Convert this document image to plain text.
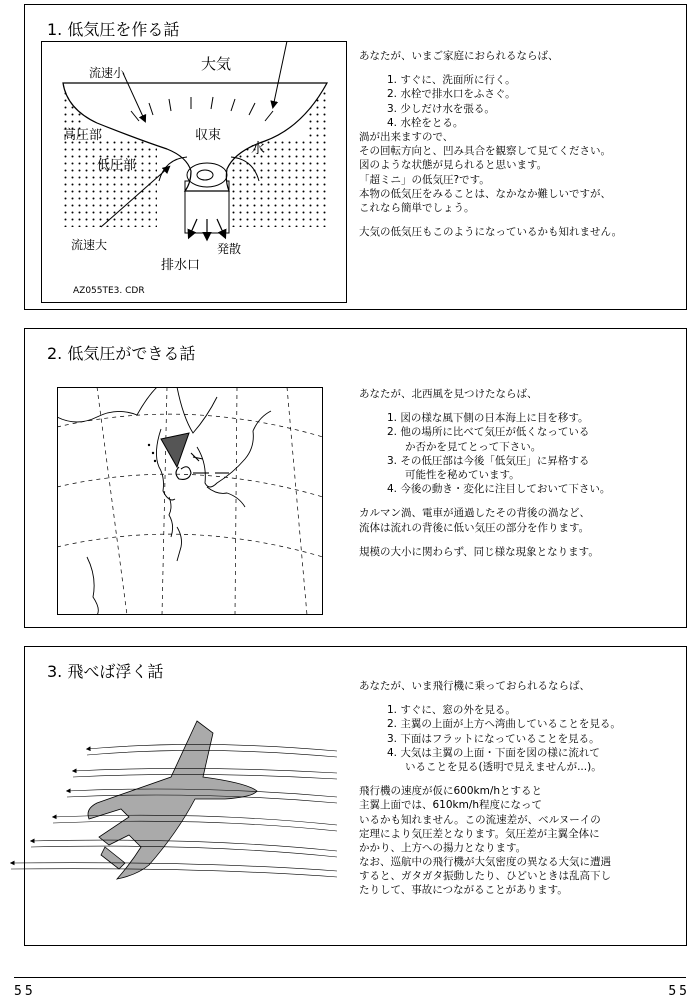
1. 低気圧を作る話
大気
流速小
高圧部	収束
水
低圧部
流速大	発散
排水口
AZ055TE3. CDR
あなたが、いまご家庭におられるならば、
1. すぐに、洗面所に行く。
2. 水栓で排水口をふさぐ。
3. 少しだけ水を張る。
4. 水栓をとる。
渦が出来ますので、
その回転方向と、凹み具合を観察して見てください。
図のような状態が見られると思います。
「超ミニ」の低気圧?です。
本物の低気圧をみることは、なかなか難しいですが、
これなら簡単でしょう。
大気の低気圧もこのようになっているかも知れません。
2. 低気圧ができる話
あなたが、北西風を見つけたならば、
1. 図の様な風下側の日本海上に目を移す。
2. 他の場所に比べて気圧が低くなっている
か否かを見てとって下さい。
3. その低圧部は今後「低気圧」に昇格する
可能性を秘めています。
4. 今後の動き・変化に注目しておいて下さい。
カルマン渦、電車が通過したその背後の渦など、
流体は流れの背後に低い気圧の部分を作ります。
規模の大小に関わらず、同じ様な現象となります。
3. 飛べば浮く話
あなたが、いま飛行機に乗っておられるならば、
1. すぐに、窓の外を見る。
2. 主翼の上面が上方へ湾曲していることを見る。
3. 下面はフラットになっていることを見る。
4. 大気は主翼の上面・下面を図の様に流れて
いることを見る(透明で見えませんが...)。
飛行機の速度が仮に600km/hとすると
主翼上面では、610km/h程度になって
いるかも知れません。この流速差が、ベルヌーイの
定理により気圧差となります。気圧差が主翼全体に
かかり、上方への揚力となります。
なお、巡航中の飛行機が大気密度の異なる大気に遭遇
すると、ガタガタ振動したり、ひどいときは乱高下し
たりして、事故につながることがあります。
55	55
